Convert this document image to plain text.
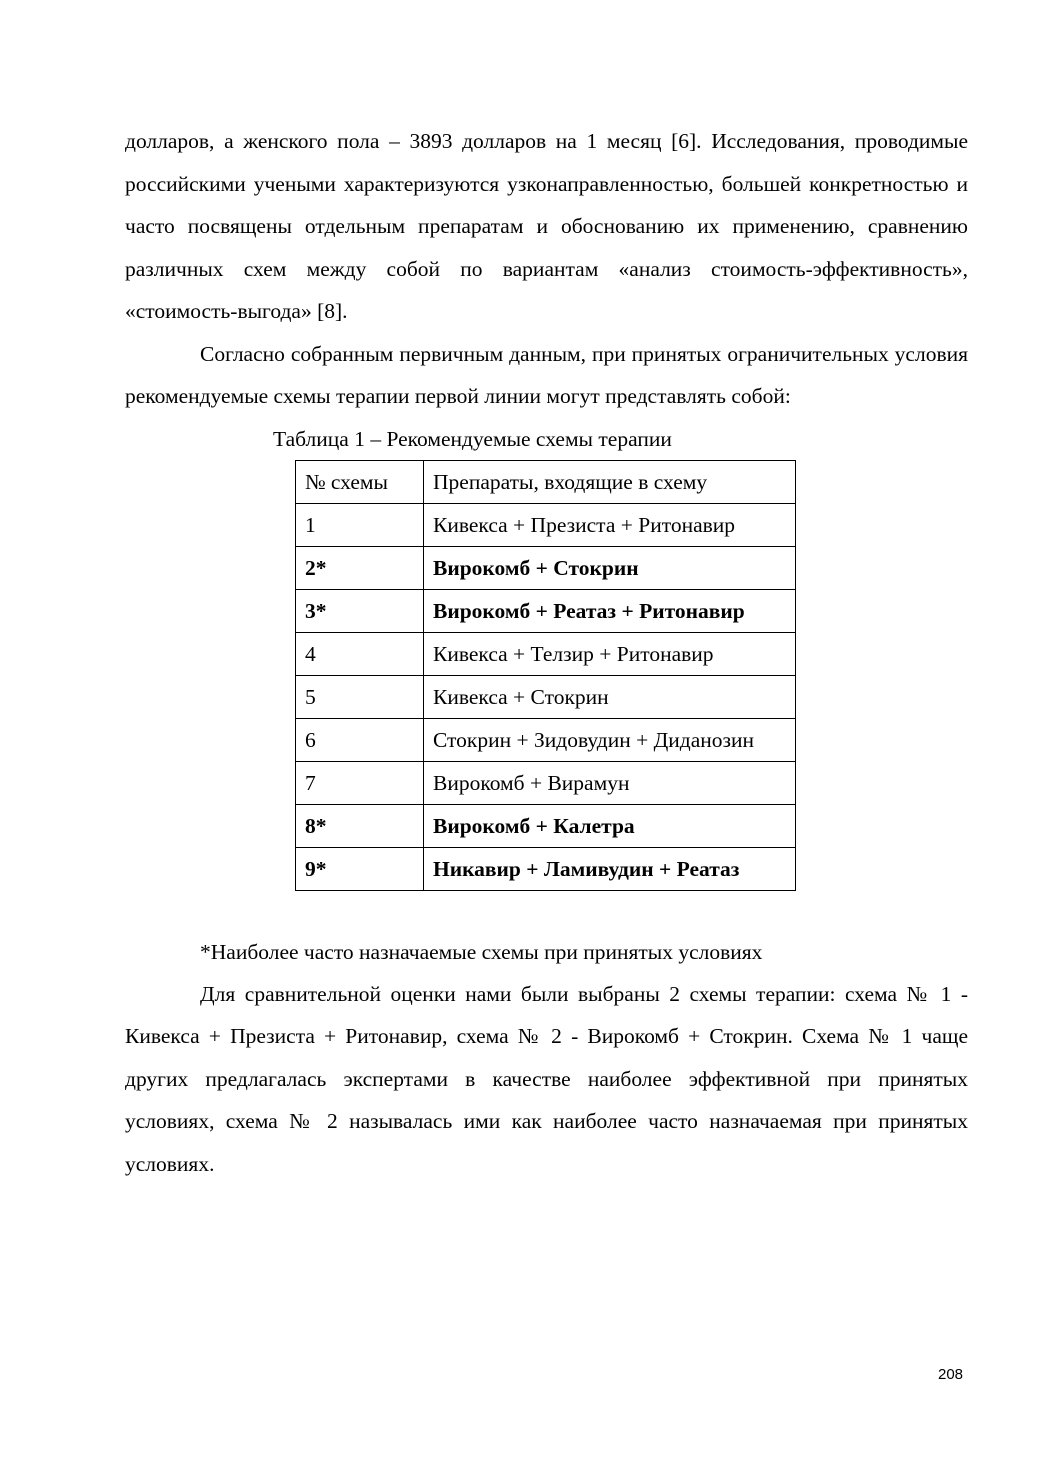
долларов, а женского пола – 3893 долларов на 1 месяц [6]. Исследования, проводимые российскими учеными характеризуются узконаправленностью, большей конкретностью и часто посвящены отдельным препаратам и обоснованию их применению, сравнению различных схем между собой по вариантам «анализ стоимость-эффективность», «стоимость-выгода» [8].

Согласно собранным первичным данным, при принятых ограничительных условия рекомендуемые схемы терапии первой линии могут представлять собой:

Таблица 1 – Рекомендуемые схемы терапии

№ схемы	Препараты, входящие в схему
1	Кивекса + Презиста + Ритонавир
2*	Вирокомб + Стокрин
3*	Вирокомб + Реатаз + Ритонавир
4	Кивекса + Телзир + Ритонавир
5	Кивекса + Стокрин
6	Стокрин + Зидовудин + Диданозин
7	Вирокомб + Вирамун
8*	Вирокомб + Калетра
9*	Никавир + Ламивудин + Реатаз

*Наиболее часто назначаемые схемы при принятых условиях

Для сравнительной оценки нами были выбраны 2 схемы терапии: схема № 1 - Кивекса + Презиста + Ритонавир, схема № 2 - Вирокомб + Стокрин. Схема № 1 чаще других предлагалась экспертами в качестве наиболее эффективной при принятых условиях, схема № 2 называлась ими как наиболее часто назначаемая при принятых условиях.

208
